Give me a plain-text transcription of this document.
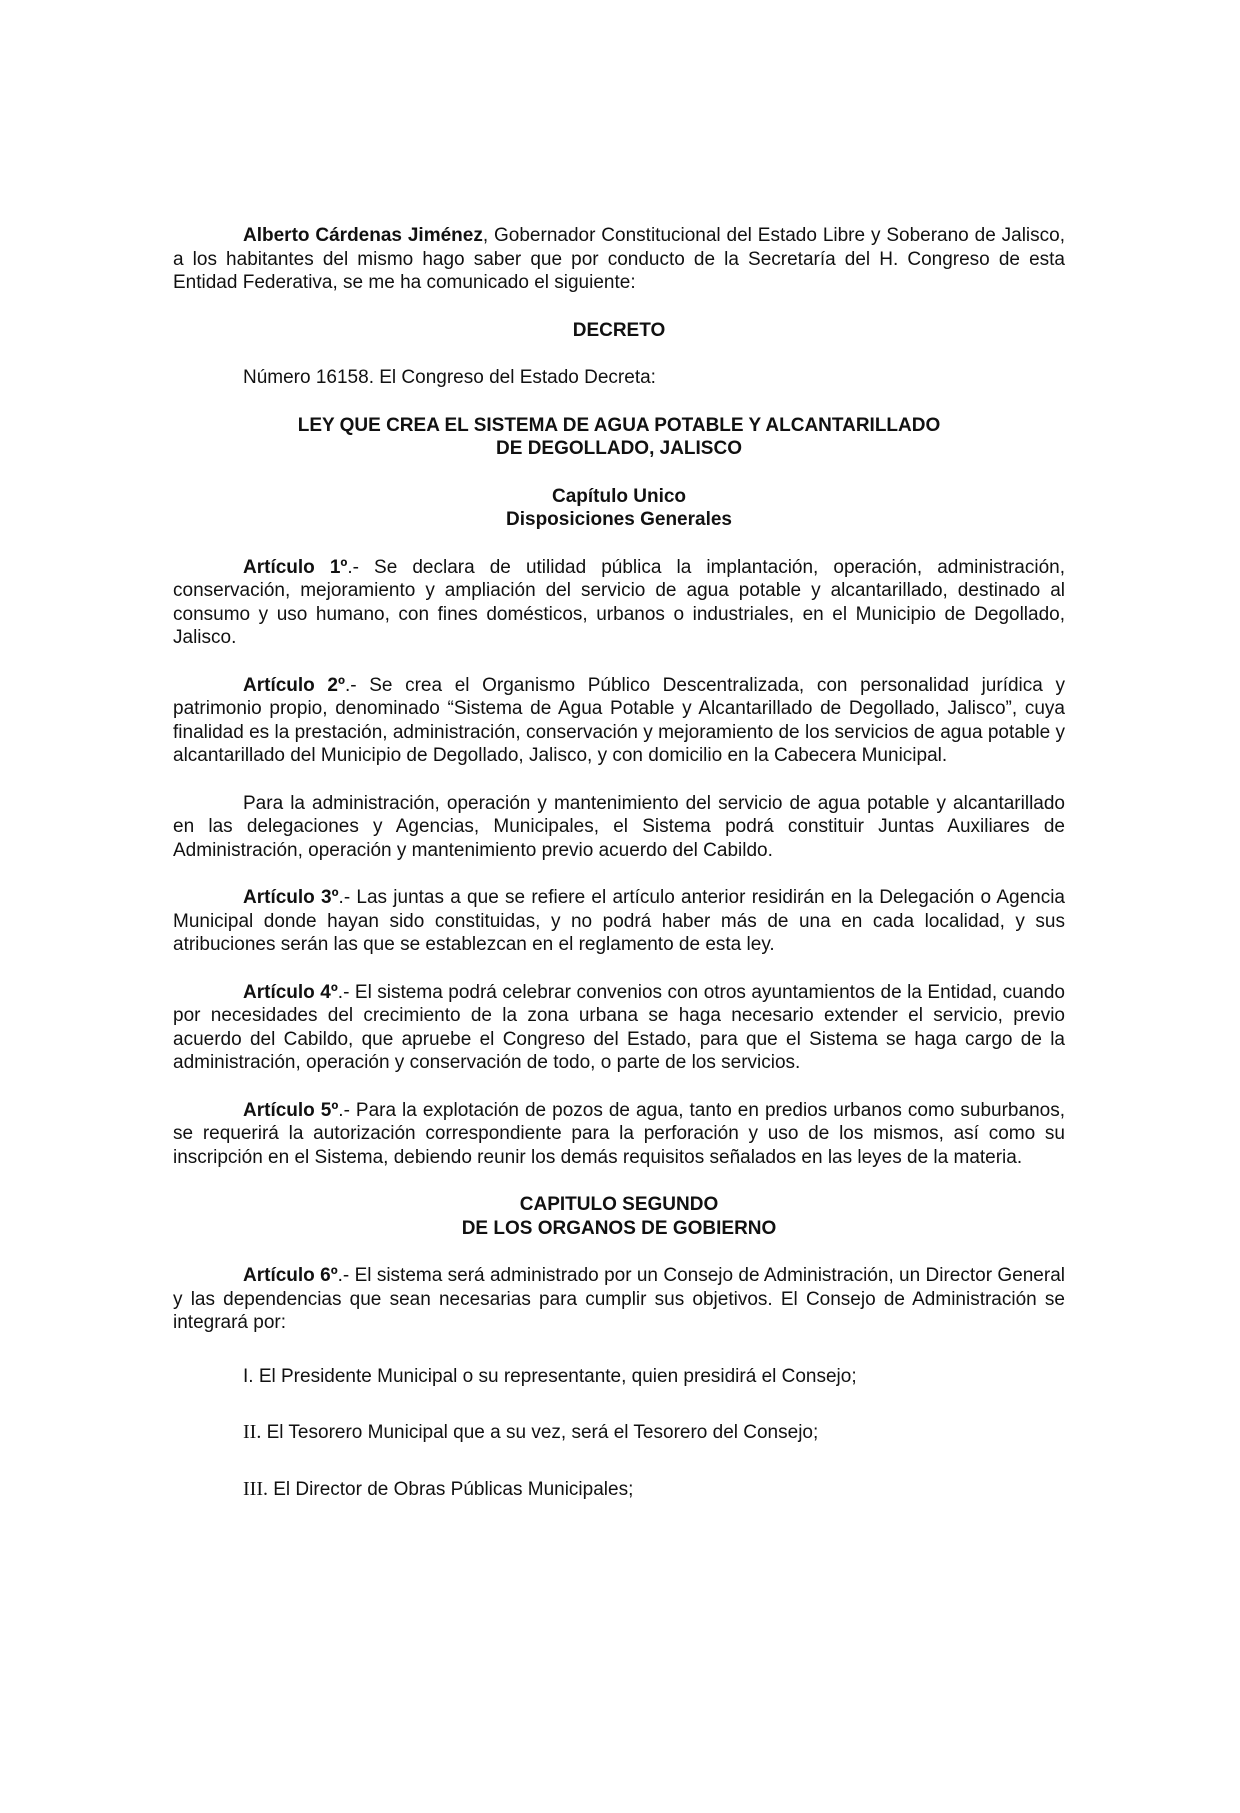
Alberto Cárdenas Jiménez, Gobernador Constitucional del Estado Libre y Soberano de Jalisco, a los habitantes del mismo hago saber que por conducto de la Secretaría del H. Congreso de esta Entidad Federativa, se me ha comunicado el siguiente:

DECRETO

Número 16158. El Congreso del Estado Decreta:

LEY QUE CREA EL SISTEMA DE AGUA POTABLE Y ALCANTARILLADO
DE DEGOLLADO, JALISCO

Capítulo Unico
Disposiciones Generales

Artículo 1º.- Se declara de utilidad pública la implantación, operación, administración, conservación, mejoramiento y ampliación del servicio de agua potable y alcantarillado, destinado al consumo y uso humano, con fines domésticos, urbanos o industriales, en el Municipio de Degollado, Jalisco.

Artículo 2º.- Se crea el Organismo Público Descentralizada, con personalidad jurídica y patrimonio propio, denominado “Sistema de Agua Potable y Alcantarillado de Degollado, Jalisco”, cuya finalidad es la prestación, administración, conservación y mejoramiento de los servicios de agua potable y alcantarillado del Municipio de Degollado, Jalisco, y con domicilio en la Cabecera Municipal.

Para la administración, operación y mantenimiento del servicio de agua potable y alcantarillado en las delegaciones y Agencias, Municipales, el Sistema podrá constituir Juntas Auxiliares de Administración, operación y mantenimiento previo acuerdo del Cabildo.

Artículo 3º.- Las juntas a que se refiere el artículo anterior residirán en la Delegación o Agencia Municipal donde hayan sido constituidas, y no podrá haber más de una en cada localidad, y sus atribuciones serán las que se establezcan en el reglamento de esta ley.

Artículo 4º.- El sistema podrá celebrar convenios con otros ayuntamientos de la Entidad, cuando por necesidades del crecimiento de la zona urbana se haga necesario extender el servicio, previo acuerdo del Cabildo, que apruebe el Congreso del Estado, para que el Sistema se haga cargo de la administración, operación y conservación de todo, o parte de los servicios.

Artículo 5º.- Para la explotación de pozos de agua, tanto en predios urbanos como suburbanos, se requerirá la autorización correspondiente para la perforación y uso de los mismos, así como su inscripción en el Sistema, debiendo reunir los demás requisitos señalados en las leyes de la materia.

CAPITULO SEGUNDO
DE LOS ORGANOS DE GOBIERNO

Artículo 6º.- El sistema será administrado por un Consejo de Administración, un Director General y las dependencias que sean necesarias para cumplir sus objetivos. El Consejo de Administración se integrará por:

I. El Presidente Municipal o su representante, quien presidirá el Consejo;

II. El Tesorero Municipal que a su vez, será el Tesorero del Consejo;

III. El Director de Obras Públicas Municipales;
